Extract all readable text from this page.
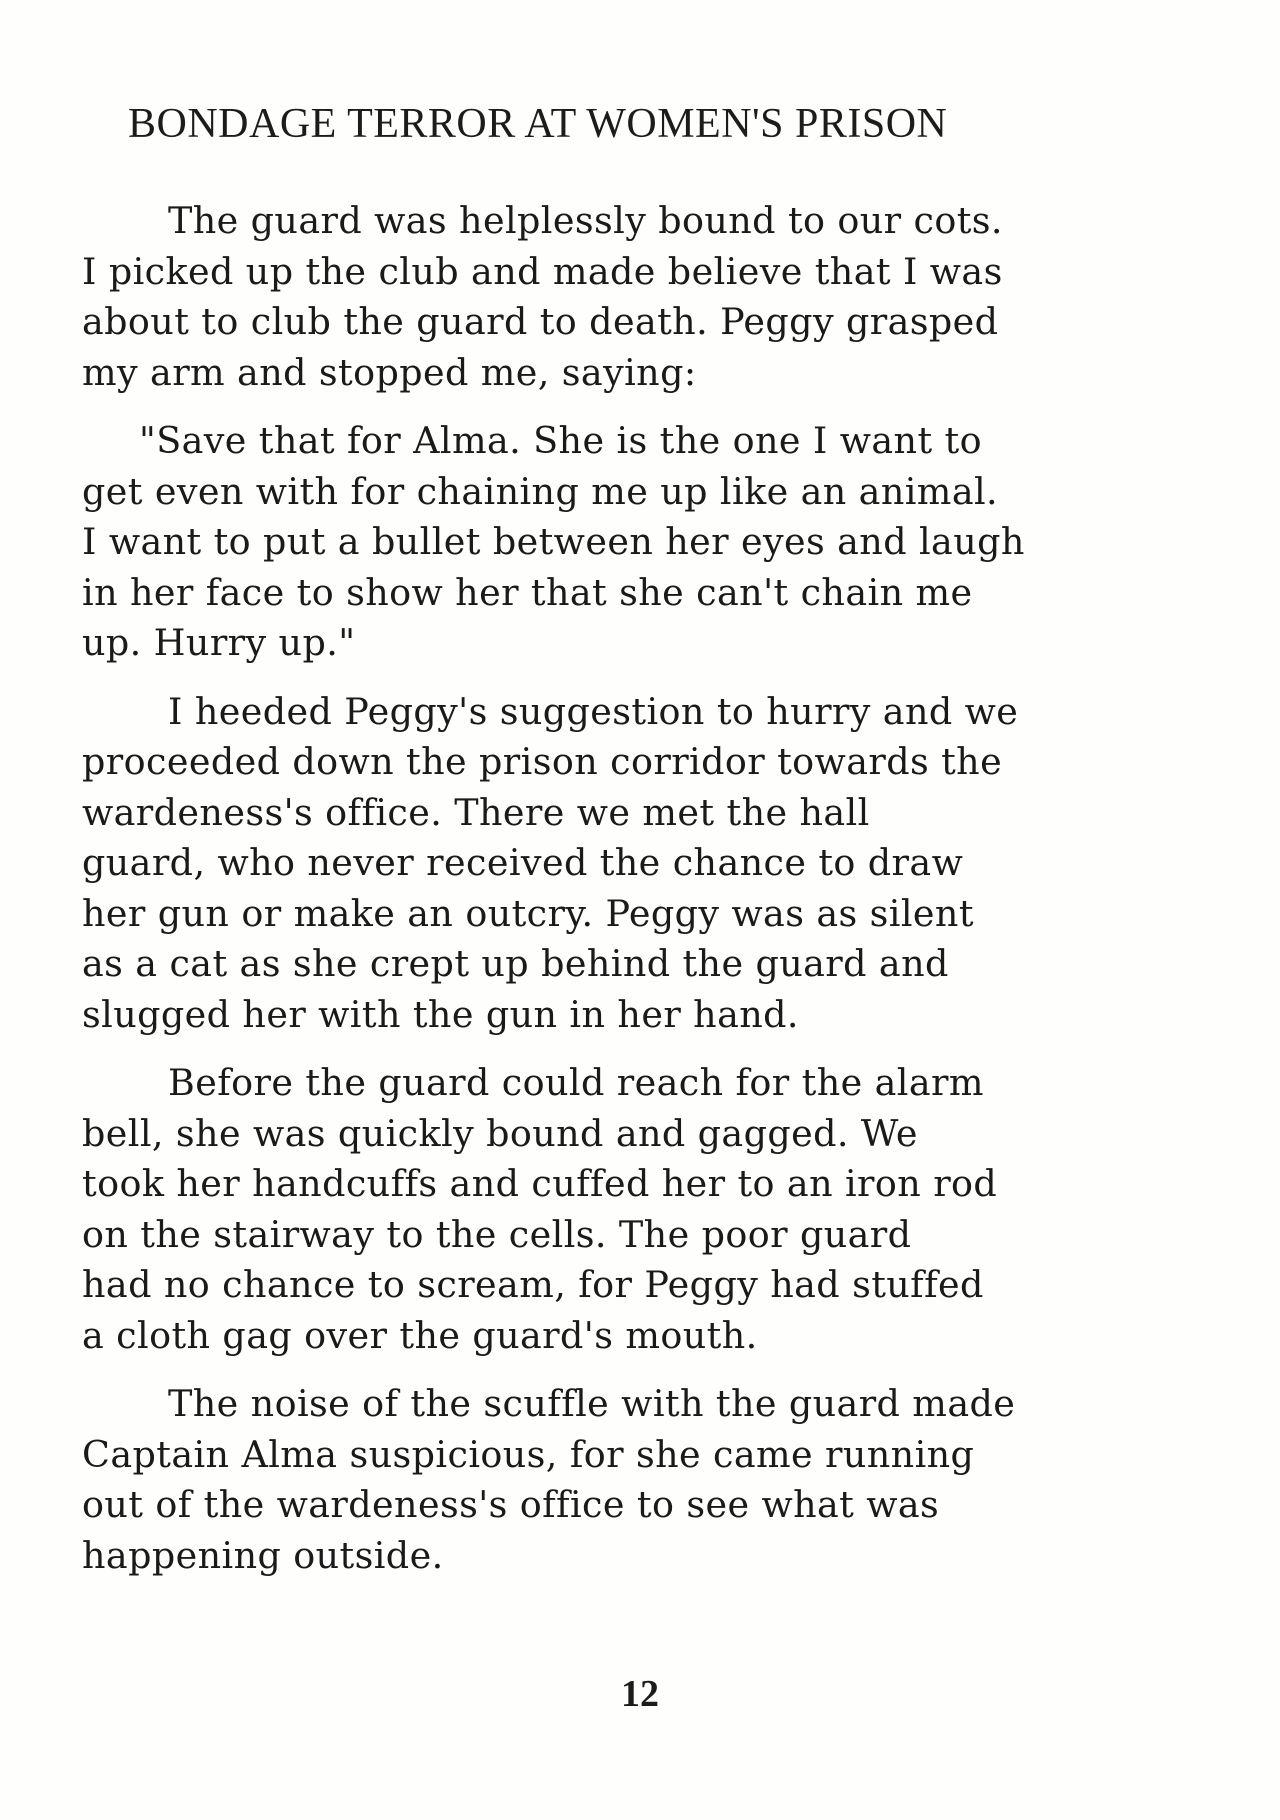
BONDAGE TERROR AT WOMEN'S PRISON

The guard was helplessly bound to our cots.
I picked up the club and made believe that I was
about to club the guard to death. Peggy grasped
my arm and stopped me, saying:

"Save that for Alma. She is the one I want to
get even with for chaining me up like an animal.
I want to put a bullet between her eyes and laugh
in her face to show her that she can't chain me
up. Hurry up."

I heeded Peggy's suggestion to hurry and we
proceeded down the prison corridor towards the
wardeness's office. There we met the hall
guard, who never received the chance to draw
her gun or make an outcry. Peggy was as silent
as a cat as she crept up behind the guard and
slugged her with the gun in her hand.

Before the guard could reach for the alarm
bell, she was quickly bound and gagged. We
took her handcuffs and cuffed her to an iron rod
on the stairway to the cells. The poor guard
had no chance to scream, for Peggy had stuffed
a cloth gag over the guard's mouth.

The noise of the scuffle with the guard made
Captain Alma suspicious, for she came running
out of the wardeness's office to see what was
happening outside.

12
